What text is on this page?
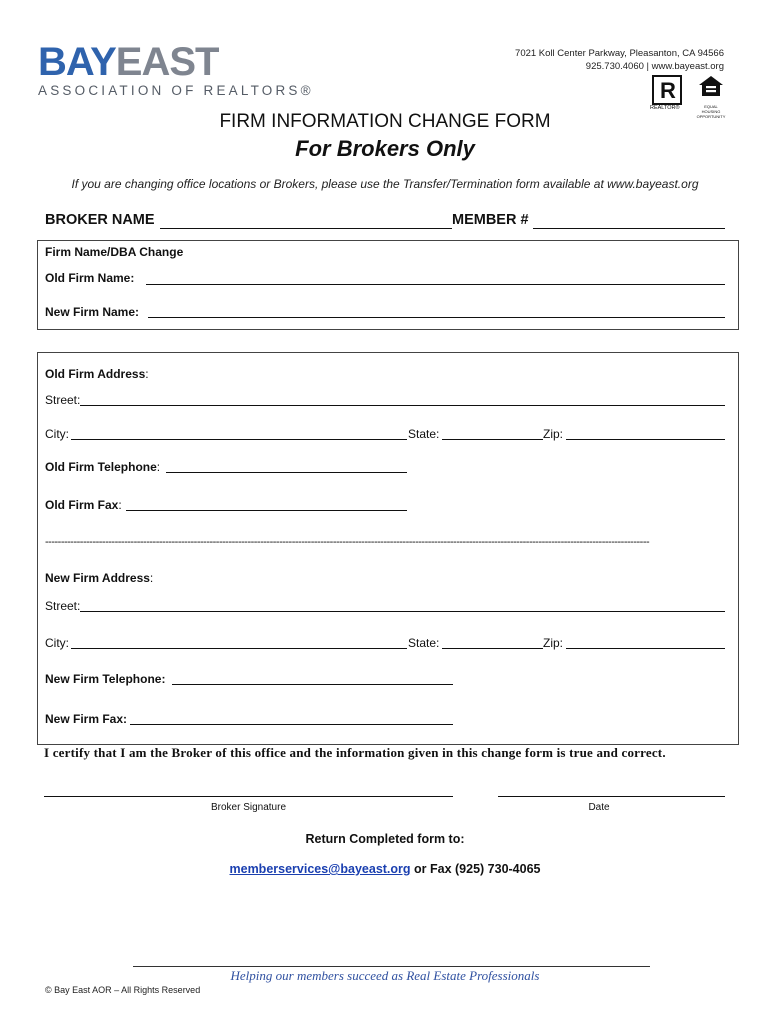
BAYEAST
ASSOCIATION OF REALTORS®
7021 Koll Center Parkway, Pleasanton, CA 94566
925.730.4060 | www.bayeast.org
R
REALTOR®	EQUAL HOUSING OPPORTUNITY
FIRM INFORMATION CHANGE FORM
For Brokers Only
If you are changing office locations or Brokers, please use the Transfer/Termination form available at www.bayeast.org
BROKER NAME	MEMBER #
Firm Name/DBA Change
Old Firm Name:
New Firm Name:
Old Firm Address:
Street:
City:	State:	Zip:
Old Firm Telephone:
Old Firm Fax:
-----------------------------------------------------------------------------------------------------------------------------------------------------------------------------------------------
New Firm Address:
Street:
City:	State:	Zip:
New Firm Telephone:
New Firm Fax:
I certify that I am the Broker of this office and the information given in this change form is true and correct.
Broker Signature	Date
Return Completed form to:
memberservices@bayeast.org or Fax (925) 730-4065
Helping our members succeed as Real Estate Professionals
© Bay East AOR – All Rights Reserved
